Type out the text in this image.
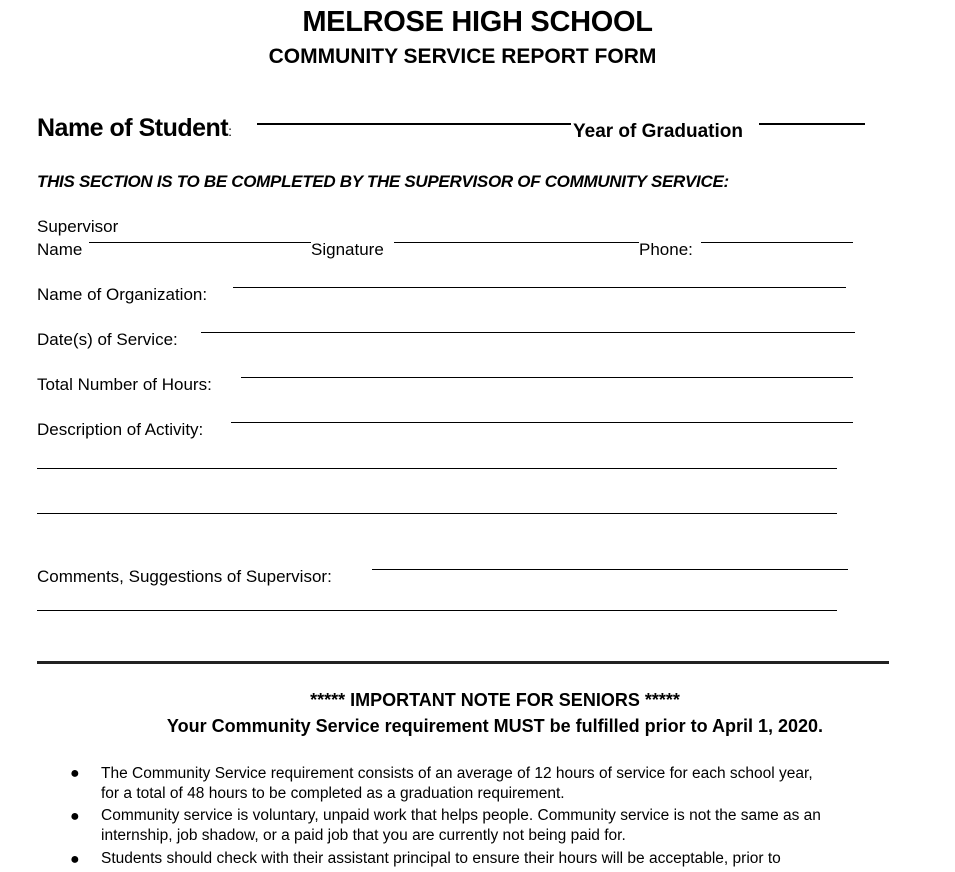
MELROSE HIGH SCHOOL
COMMUNITY SERVICE REPORT FORM
Name of Student:	Year of Graduation
THIS SECTION IS TO BE COMPLETED BY THE SUPERVISOR OF COMMUNITY SERVICE:
Supervisor
Name	Signature	Phone:
Name of Organization:
Date(s) of Service:
Total Number of Hours:
Description of Activity:
Comments, Suggestions of Supervisor:
***** IMPORTANT NOTE FOR SENIORS *****
Your Community Service requirement MUST be fulfilled prior to April 1, 2020.
● The Community Service requirement consists of an average of 12 hours of service for each school year,
for a total of 48 hours to be completed as a graduation requirement.
● Community service is voluntary, unpaid work that helps people. Community service is not the same as an
internship, job shadow, or a paid job that you are currently not being paid for.
● Students should check with their assistant principal to ensure their hours will be acceptable, prior to
